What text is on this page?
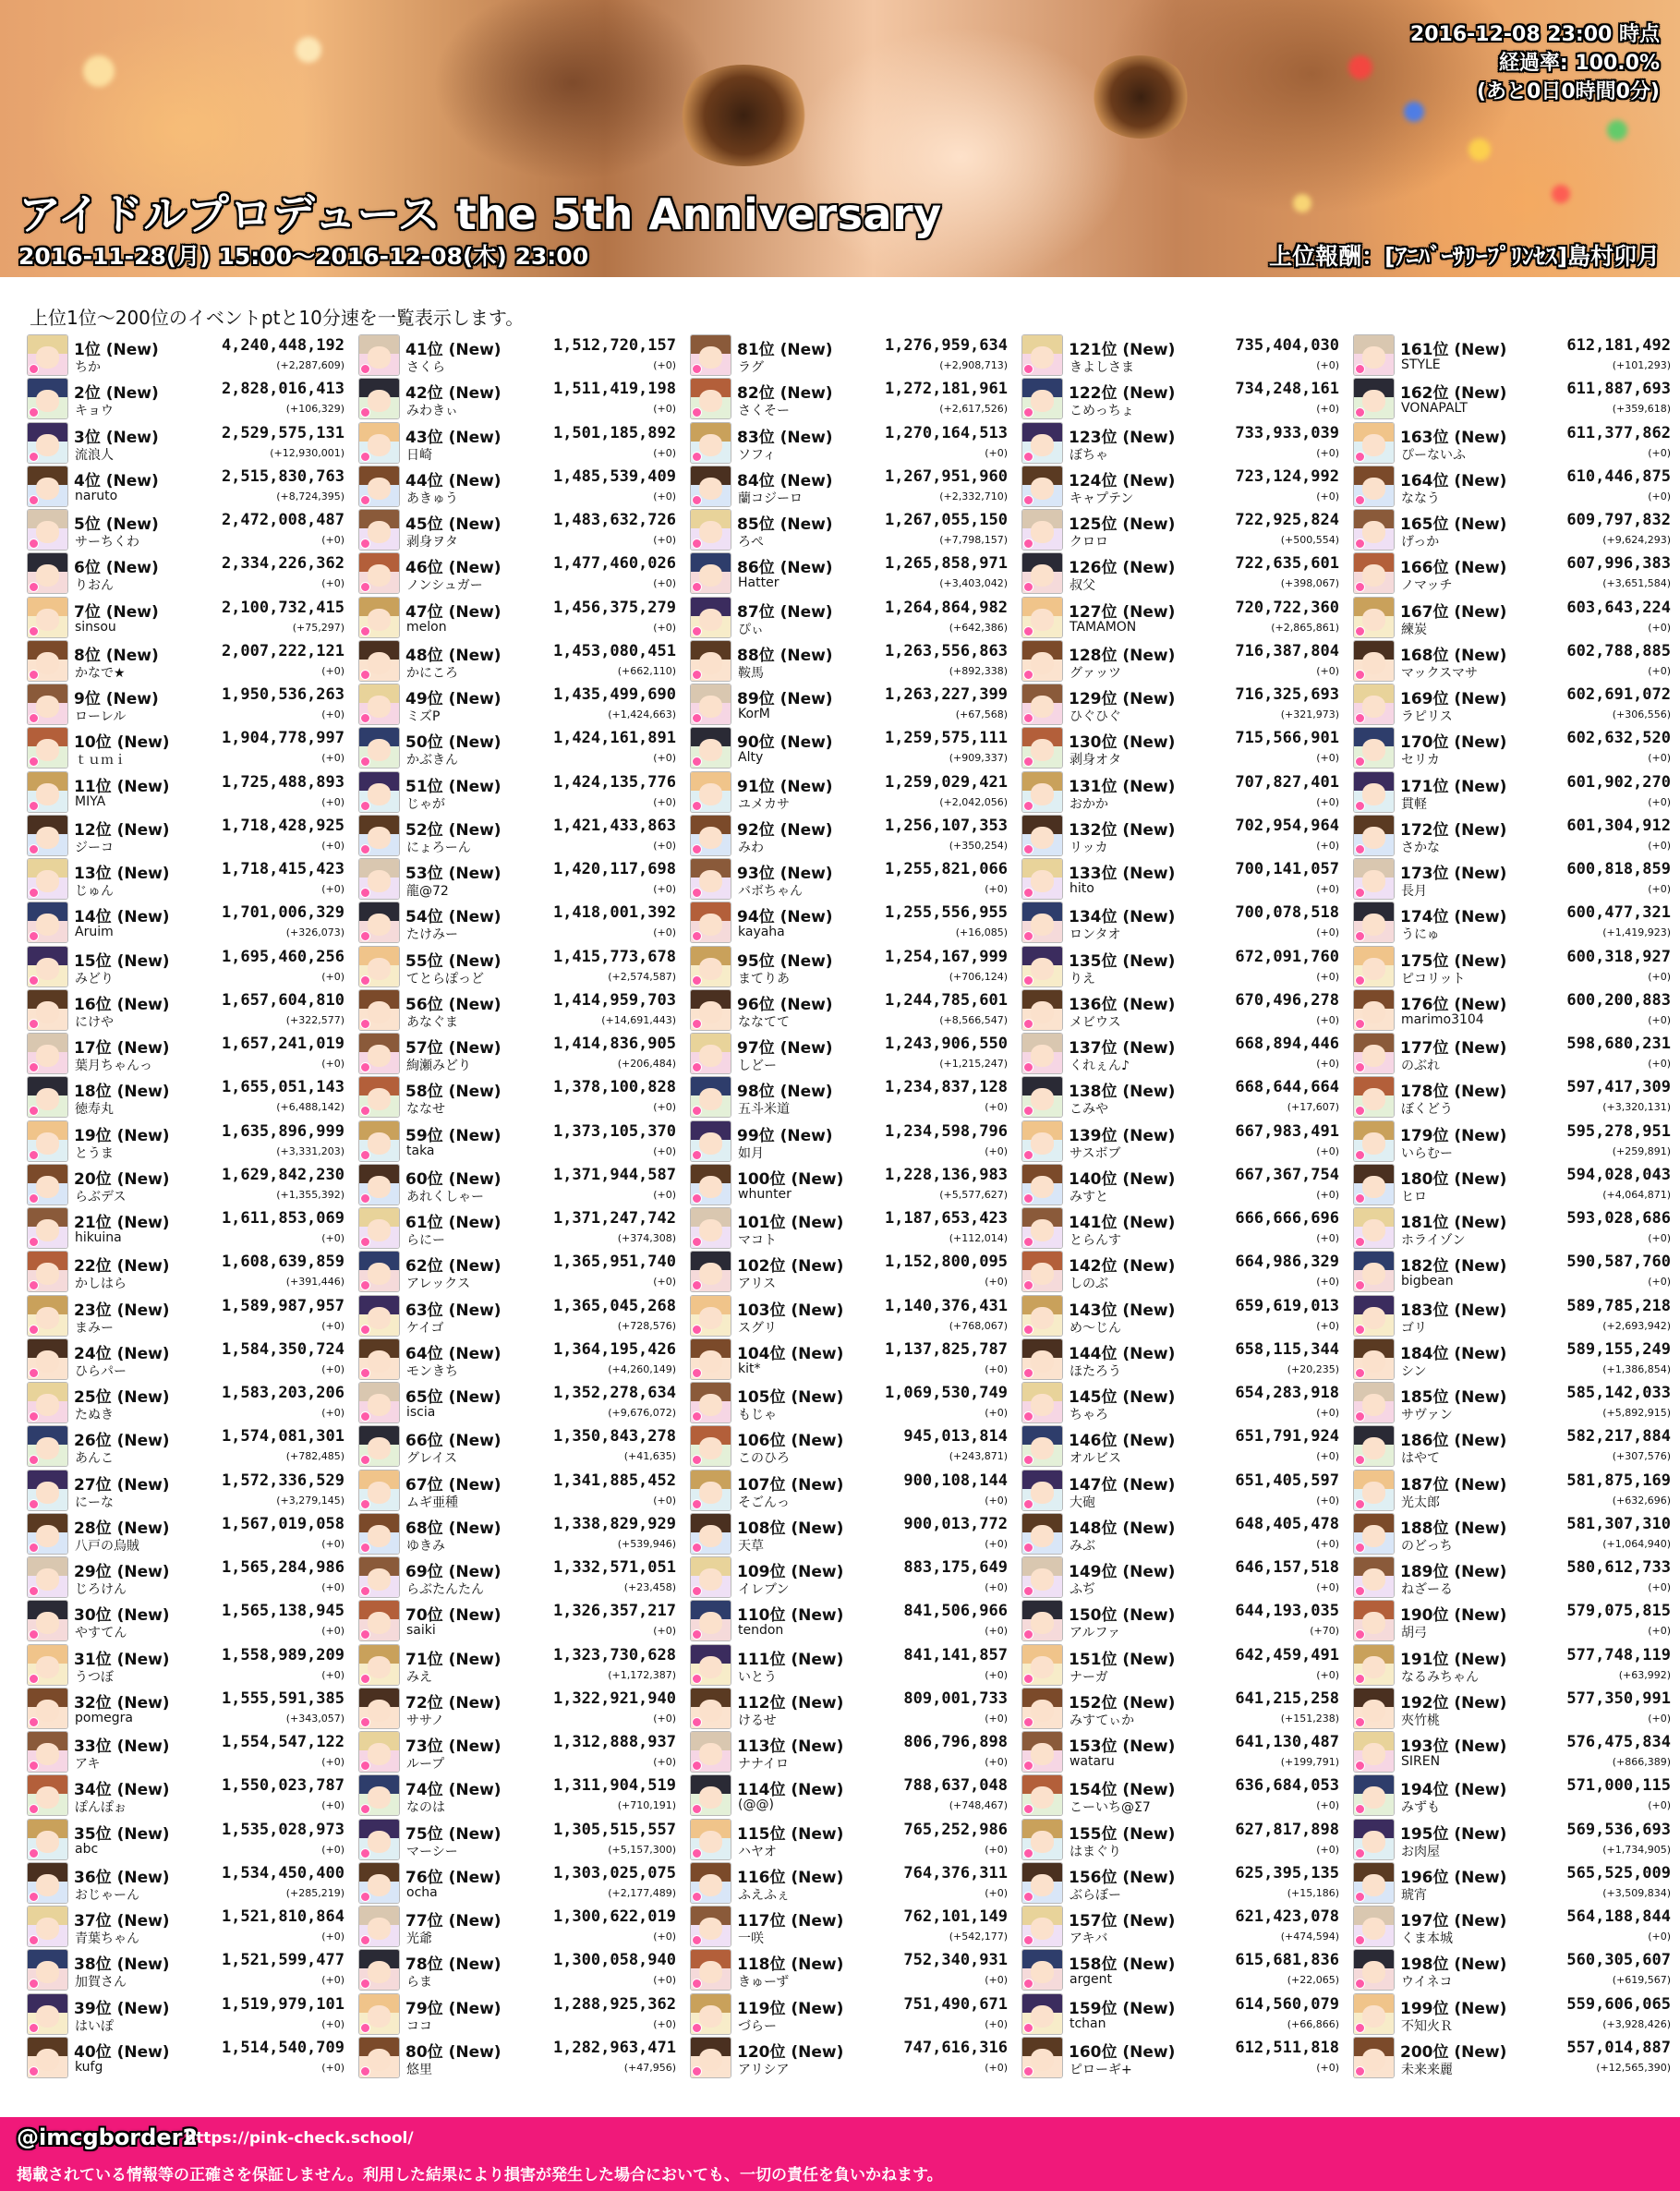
2016-12-08 23:00 時点
経過率: 100.0%
(あと0日0時間0分)
アイドルプロデュース the 5th Anniversary
2016-11-28(月) 15:00～2016-12-08(木) 23:00	上位報酬：[ｱﾆﾊﾞｰｻﾘｰﾌﾟﾘﾝｾｽ]島村卯月
上位1位～200位のイベントptと10分速を一覧表示します。
1位 (New)
ちか
4,240,448,192
(+2,287,609)
2位 (New)
キョウ
2,828,016,413
(+106,329)
3位 (New)
流浪人
2,529,575,131
(+12,930,001)
4位 (New)
naruto
2,515,830,763
(+8,724,395)
5位 (New)
サーちくわ
2,472,008,487
(+0)
6位 (New)
りおん
2,334,226,362
(+0)
7位 (New)
sinsou
2,100,732,415
(+75,297)
8位 (New)
かなで★
2,007,222,121
(+0)
9位 (New)
ローレル
1,950,536,263
(+0)
10位 (New)
ｔｕｍｉ
1,904,778,997
(+0)
11位 (New)
MIYA
1,725,488,893
(+0)
12位 (New)
ジーコ
1,718,428,925
(+0)
13位 (New)
じゅん
1,718,415,423
(+0)
14位 (New)
Aruim
1,701,006,329
(+326,073)
15位 (New)
みどり
1,695,460,256
(+0)
16位 (New)
にけや
1,657,604,810
(+322,577)
17位 (New)
葉月ちゃんっ
1,657,241,019
(+0)
18位 (New)
徳寿丸
1,655,051,143
(+6,488,142)
19位 (New)
とうま
1,635,896,999
(+3,331,203)
20位 (New)
らぶデス
1,629,842,230
(+1,355,392)
21位 (New)
hikuina
1,611,853,069
(+0)
22位 (New)
かしはら
1,608,639,859
(+391,446)
23位 (New)
まみー
1,589,987,957
(+0)
24位 (New)
ひらパー
1,584,350,724
(+0)
25位 (New)
たぬき
1,583,203,206
(+0)
26位 (New)
あんこ
1,574,081,301
(+782,485)
27位 (New)
にーな
1,572,336,529
(+3,279,145)
28位 (New)
八戸の烏賊
1,567,019,058
(+0)
29位 (New)
じろけん
1,565,284,986
(+0)
30位 (New)
やすてん
1,565,138,945
(+0)
31位 (New)
うつぼ
1,558,989,209
(+0)
32位 (New)
pomegra
1,555,591,385
(+343,057)
33位 (New)
アキ
1,554,547,122
(+0)
34位 (New)
ぽんぽぉ
1,550,023,787
(+0)
35位 (New)
abc
1,535,028,973
(+0)
36位 (New)
おじゃーん
1,534,450,400
(+285,219)
37位 (New)
青葉ちゃん
1,521,810,864
(+0)
38位 (New)
加賀さん
1,521,599,477
(+0)
39位 (New)
はいぽ
1,519,979,101
(+0)
40位 (New)
kufg
1,514,540,709
(+0)
41位 (New)
さくら
1,512,720,157
(+0)
42位 (New)
みわきぃ
1,511,419,198
(+0)
43位 (New)
日崎
1,501,185,892
(+0)
44位 (New)
あきゅう
1,485,539,409
(+0)
45位 (New)
剥身ヲタ
1,483,632,726
(+0)
46位 (New)
ノンシュガー
1,477,460,026
(+0)
47位 (New)
melon
1,456,375,279
(+0)
48位 (New)
かにころ
1,453,080,451
(+662,110)
49位 (New)
ミズP
1,435,499,690
(+1,424,663)
50位 (New)
かぶきん
1,424,161,891
(+0)
51位 (New)
じゃが
1,424,135,776
(+0)
52位 (New)
にょろーん
1,421,433,863
(+0)
53位 (New)
龍@72
1,420,117,698
(+0)
54位 (New)
たけみー
1,418,001,392
(+0)
55位 (New)
てとらぽっど
1,415,773,678
(+2,574,587)
56位 (New)
あなぐま
1,414,959,703
(+14,691,443)
57位 (New)
絢瀬みどり
1,414,836,905
(+206,484)
58位 (New)
ななせ
1,378,100,828
(+0)
59位 (New)
taka
1,373,105,370
(+0)
60位 (New)
あれくしゃー
1,371,944,587
(+0)
61位 (New)
らにー
1,371,247,742
(+374,308)
62位 (New)
アレックス
1,365,951,740
(+0)
63位 (New)
ケイゴ
1,365,045,268
(+728,576)
64位 (New)
モンきち
1,364,195,426
(+4,260,149)
65位 (New)
iscia
1,352,278,634
(+9,676,072)
66位 (New)
グレイス
1,350,843,278
(+41,635)
67位 (New)
ムギ亜種
1,341,885,452
(+0)
68位 (New)
ゆきみ
1,338,829,929
(+539,946)
69位 (New)
らぶたんたん
1,332,571,051
(+23,458)
70位 (New)
saiki
1,326,357,217
(+0)
71位 (New)
みえ
1,323,730,628
(+1,172,387)
72位 (New)
ササノ
1,322,921,940
(+0)
73位 (New)
ループ
1,312,888,937
(+0)
74位 (New)
なのは
1,311,904,519
(+710,191)
75位 (New)
マーシー
1,305,515,557
(+5,157,300)
76位 (New)
ocha
1,303,025,075
(+2,177,489)
77位 (New)
光爺
1,300,622,019
(+0)
78位 (New)
らま
1,300,058,940
(+0)
79位 (New)
ココ
1,288,925,362
(+0)
80位 (New)
悠里
1,282,963,471
(+47,956)
81位 (New)
ラグ
1,276,959,634
(+2,908,713)
82位 (New)
さくそー
1,272,181,961
(+2,617,526)
83位 (New)
ソフィ
1,270,164,513
(+0)
84位 (New)
蘭コジーロ
1,267,951,960
(+2,332,710)
85位 (New)
ろぺ
1,267,055,150
(+7,798,157)
86位 (New)
Hatter
1,265,858,971
(+3,403,042)
87位 (New)
ぴぃ
1,264,864,982
(+642,386)
88位 (New)
鞍馬
1,263,556,863
(+892,338)
89位 (New)
KorM
1,263,227,399
(+67,568)
90位 (New)
Alty
1,259,575,111
(+909,337)
91位 (New)
ユメカサ
1,259,029,421
(+2,042,056)
92位 (New)
みわ
1,256,107,353
(+350,254)
93位 (New)
バボちゃん
1,255,821,066
(+0)
94位 (New)
kayaha
1,255,556,955
(+16,085)
95位 (New)
まてりあ
1,254,167,999
(+706,124)
96位 (New)
ななてて
1,244,785,601
(+8,566,547)
97位 (New)
しどー
1,243,906,550
(+1,215,247)
98位 (New)
五斗米道
1,234,837,128
(+0)
99位 (New)
如月
1,234,598,796
(+0)
100位 (New)
whunter
1,228,136,983
(+5,577,627)
101位 (New)
マコト
1,187,653,423
(+112,014)
102位 (New)
アリス
1,152,800,095
(+0)
103位 (New)
スグリ
1,140,376,431
(+768,067)
104位 (New)
kit*
1,137,825,787
(+0)
105位 (New)
もじゃ
1,069,530,749
(+0)
106位 (New)
このひろ
945,013,814
(+243,871)
107位 (New)
そごんっ
900,108,144
(+0)
108位 (New)
天草
900,013,772
(+0)
109位 (New)
イレブン
883,175,649
(+0)
110位 (New)
tendon
841,506,966
(+0)
111位 (New)
いとう
841,141,857
(+0)
112位 (New)
けるせ
809,001,733
(+0)
113位 (New)
ナナイロ
806,796,898
(+0)
114位 (New)
(@@)
788,637,048
(+748,467)
115位 (New)
ハヤオ
765,252,986
(+0)
116位 (New)
ふえふぇ
764,376,311
(+0)
117位 (New)
一咲
762,101,149
(+542,177)
118位 (New)
きゅーず
752,340,931
(+0)
119位 (New)
づらー
751,490,671
(+0)
120位 (New)
アリシア
747,616,316
(+0)
121位 (New)
きよしさま
735,404,030
(+0)
122位 (New)
こめっちょ
734,248,161
(+0)
123位 (New)
ぼちゃ
733,933,039
(+0)
124位 (New)
キャプテン
723,124,992
(+0)
125位 (New)
クロロ
722,925,824
(+500,554)
126位 (New)
叔父
722,635,601
(+398,067)
127位 (New)
TAMAMON
720,722,360
(+2,865,861)
128位 (New)
グァッツ
716,387,804
(+0)
129位 (New)
ひぐひぐ
716,325,693
(+321,973)
130位 (New)
剥身オタ
715,566,901
(+0)
131位 (New)
おかか
707,827,401
(+0)
132位 (New)
リッカ
702,954,964
(+0)
133位 (New)
hito
700,141,057
(+0)
134位 (New)
ロンタオ
700,078,518
(+0)
135位 (New)
りえ
672,091,760
(+0)
136位 (New)
メビウス
670,496,278
(+0)
137位 (New)
くれぇん♪
668,894,446
(+0)
138位 (New)
こみや
668,644,664
(+17,607)
139位 (New)
サスボブ
667,983,491
(+0)
140位 (New)
みすと
667,367,754
(+0)
141位 (New)
とらんす
666,666,696
(+0)
142位 (New)
しのぶ
664,986,329
(+0)
143位 (New)
め～じん
659,619,013
(+0)
144位 (New)
ほたろう
658,115,344
(+20,235)
145位 (New)
ちゃろ
654,283,918
(+0)
146位 (New)
オルビス
651,791,924
(+0)
147位 (New)
大砲
651,405,597
(+0)
148位 (New)
みぶ
648,405,478
(+0)
149位 (New)
ふぢ
646,157,518
(+0)
150位 (New)
アルファ
644,193,035
(+70)
151位 (New)
ナーガ
642,459,491
(+0)
152位 (New)
みすてぃか
641,215,258
(+151,238)
153位 (New)
wataru
641,130,487
(+199,791)
154位 (New)
こーいち@Σ7
636,684,053
(+0)
155位 (New)
はまぐり
627,817,898
(+0)
156位 (New)
ぶらぼー
625,395,135
(+15,186)
157位 (New)
アキバ
621,423,078
(+474,594)
158位 (New)
argent
615,681,836
(+22,065)
159位 (New)
tchan
614,560,079
(+66,866)
160位 (New)
ピローギ+
612,511,818
(+0)
161位 (New)
STYLE
612,181,492
(+101,293)
162位 (New)
VONAPALT
611,887,693
(+359,618)
163位 (New)
ぴーないふ
611,377,862
(+0)
164位 (New)
ななう
610,446,875
(+0)
165位 (New)
げっか
609,797,832
(+9,624,293)
166位 (New)
ノマッチ
607,996,383
(+3,651,584)
167位 (New)
練炭
603,643,224
(+0)
168位 (New)
マックスマサ
602,788,885
(+0)
169位 (New)
ラピリス
602,691,072
(+306,556)
170位 (New)
セリカ
602,632,520
(+0)
171位 (New)
貫軽
601,902,270
(+0)
172位 (New)
さかな
601,304,912
(+0)
173位 (New)
長月
600,818,859
(+0)
174位 (New)
うにゅ
600,477,321
(+1,419,923)
175位 (New)
ピコリット
600,318,927
(+0)
176位 (New)
marimo3104
600,200,883
(+0)
177位 (New)
のぶれ
598,680,231
(+0)
178位 (New)
ぼくどう
597,417,309
(+3,320,131)
179位 (New)
いらむー
595,278,951
(+259,891)
180位 (New)
ヒロ
594,028,043
(+4,064,871)
181位 (New)
ホライゾン
593,028,686
(+0)
182位 (New)
bigbean
590,587,760
(+0)
183位 (New)
ゴリ
589,785,218
(+2,693,942)
184位 (New)
シン
589,155,249
(+1,386,854)
185位 (New)
サヴァン
585,142,033
(+5,892,915)
186位 (New)
はやて
582,217,884
(+307,576)
187位 (New)
光太郎
581,875,169
(+632,696)
188位 (New)
のどっち
581,307,310
(+1,064,940)
189位 (New)
ねざーる
580,612,733
(+0)
190位 (New)
胡弓
579,075,815
(+0)
191位 (New)
なるみちゃん
577,748,119
(+63,992)
192位 (New)
夾竹桃
577,350,991
(+0)
193位 (New)
SIREN
576,475,834
(+866,389)
194位 (New)
みずも
571,000,115
(+0)
195位 (New)
お肉屋
569,536,693
(+1,734,905)
196位 (New)
琥宵
565,525,009
(+3,509,834)
197位 (New)
くま本城
564,188,844
(+0)
198位 (New)
ウイネコ
560,305,607
(+619,567)
199位 (New)
不知火Ｒ
559,606,065
(+3,928,426)
200位 (New)
未来来麗
557,014,887
(+12,565,390)
@imcgborder2
https://pink-check.school/
掲載されている情報等の正確さを保証しません。利用した結果により損害が発生した場合においても、一切の責任を負いかねます。
